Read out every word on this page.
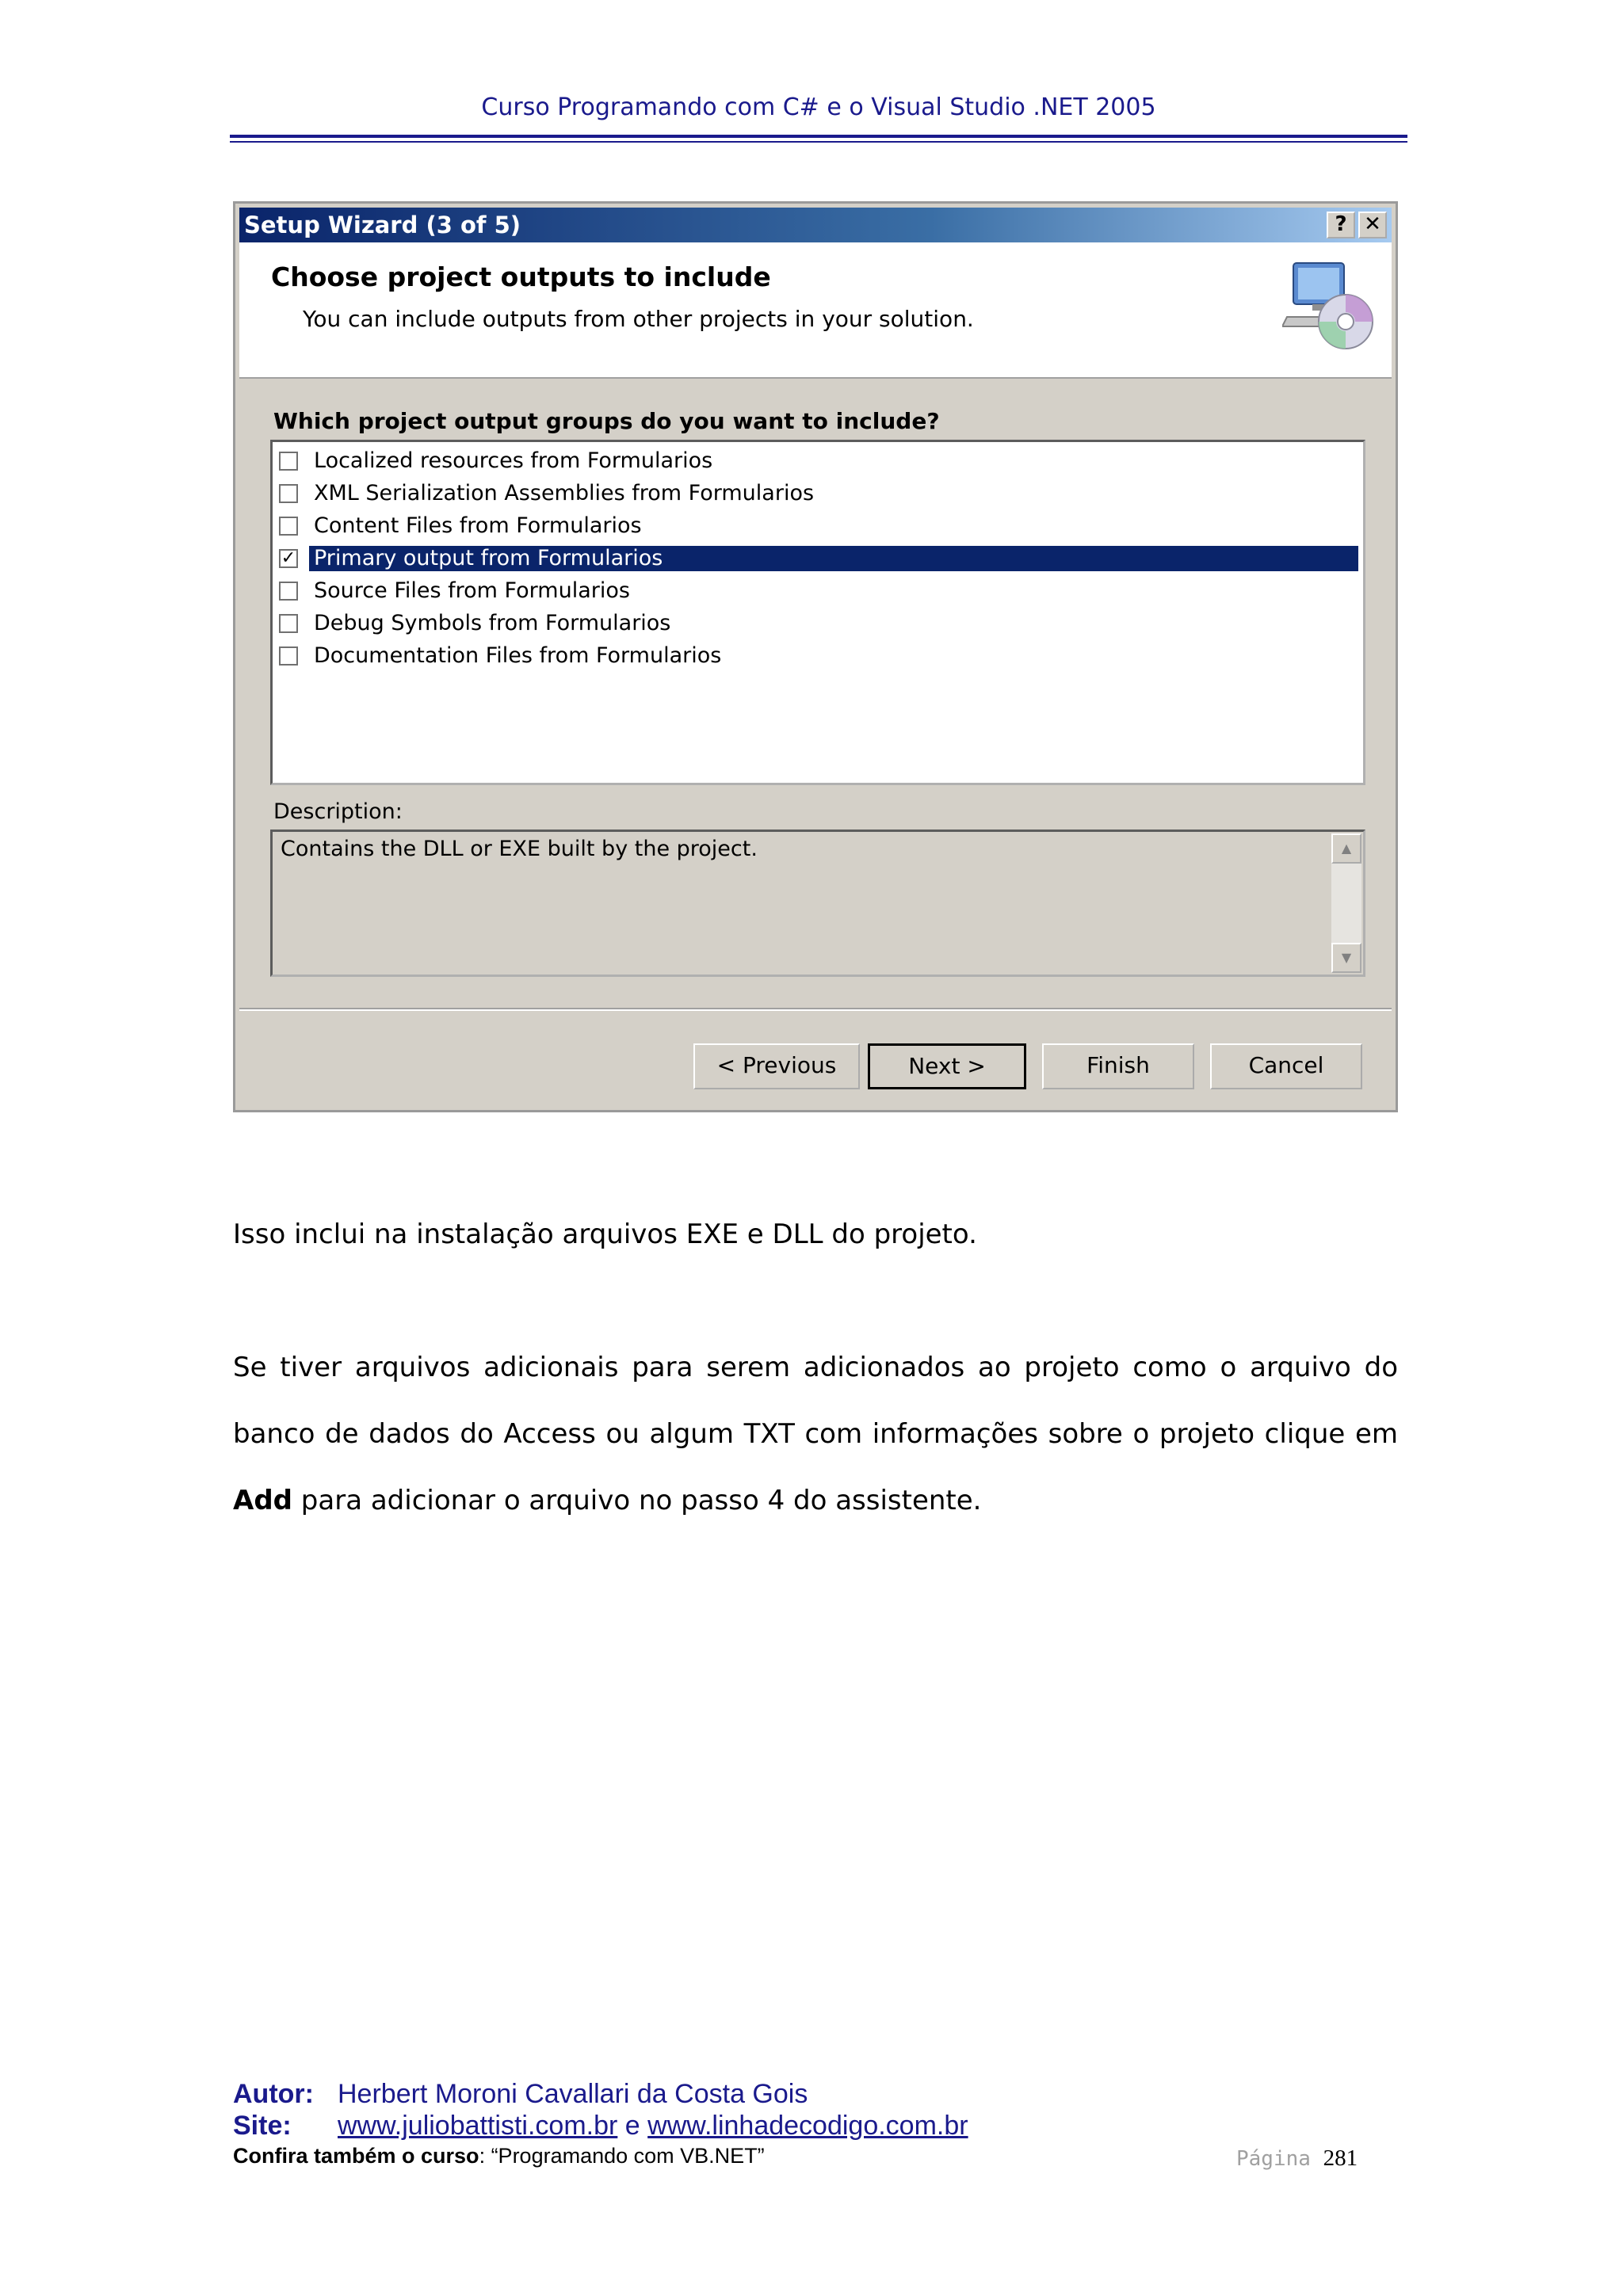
Curso Programando com C# e o Visual Studio .NET 2005
Setup Wizard (3 of 5)	? ✕
Choose project outputs to include
You can include outputs from other projects in your solution.
Which project output groups do you want to include?
Localized resources from Formularios
XML Serialization Assemblies from Formularios
Content Files from Formularios
✓ Primary output from Formularios
Source Files from Formularios
Debug Symbols from Formularios
Documentation Files from Formularios
Description:
Contains the DLL or EXE built by the project.	▲
▼
< Previous	Next >	Finish	Cancel
Isso inclui na instalação arquivos EXE e DLL do projeto.
Se tiver arquivos adicionais para serem adicionados ao projeto como o arquivo do banco de dados do Access ou algum TXT com informações sobre o projeto clique em Add para adicionar o arquivo no passo 4 do assistente.
Autor: Herbert Moroni Cavallari da Costa Gois
Site: www.juliobattisti.com.br e www.linhadecodigo.com.br
Confira também o curso: “Programando com VB.NET”	Página 281
